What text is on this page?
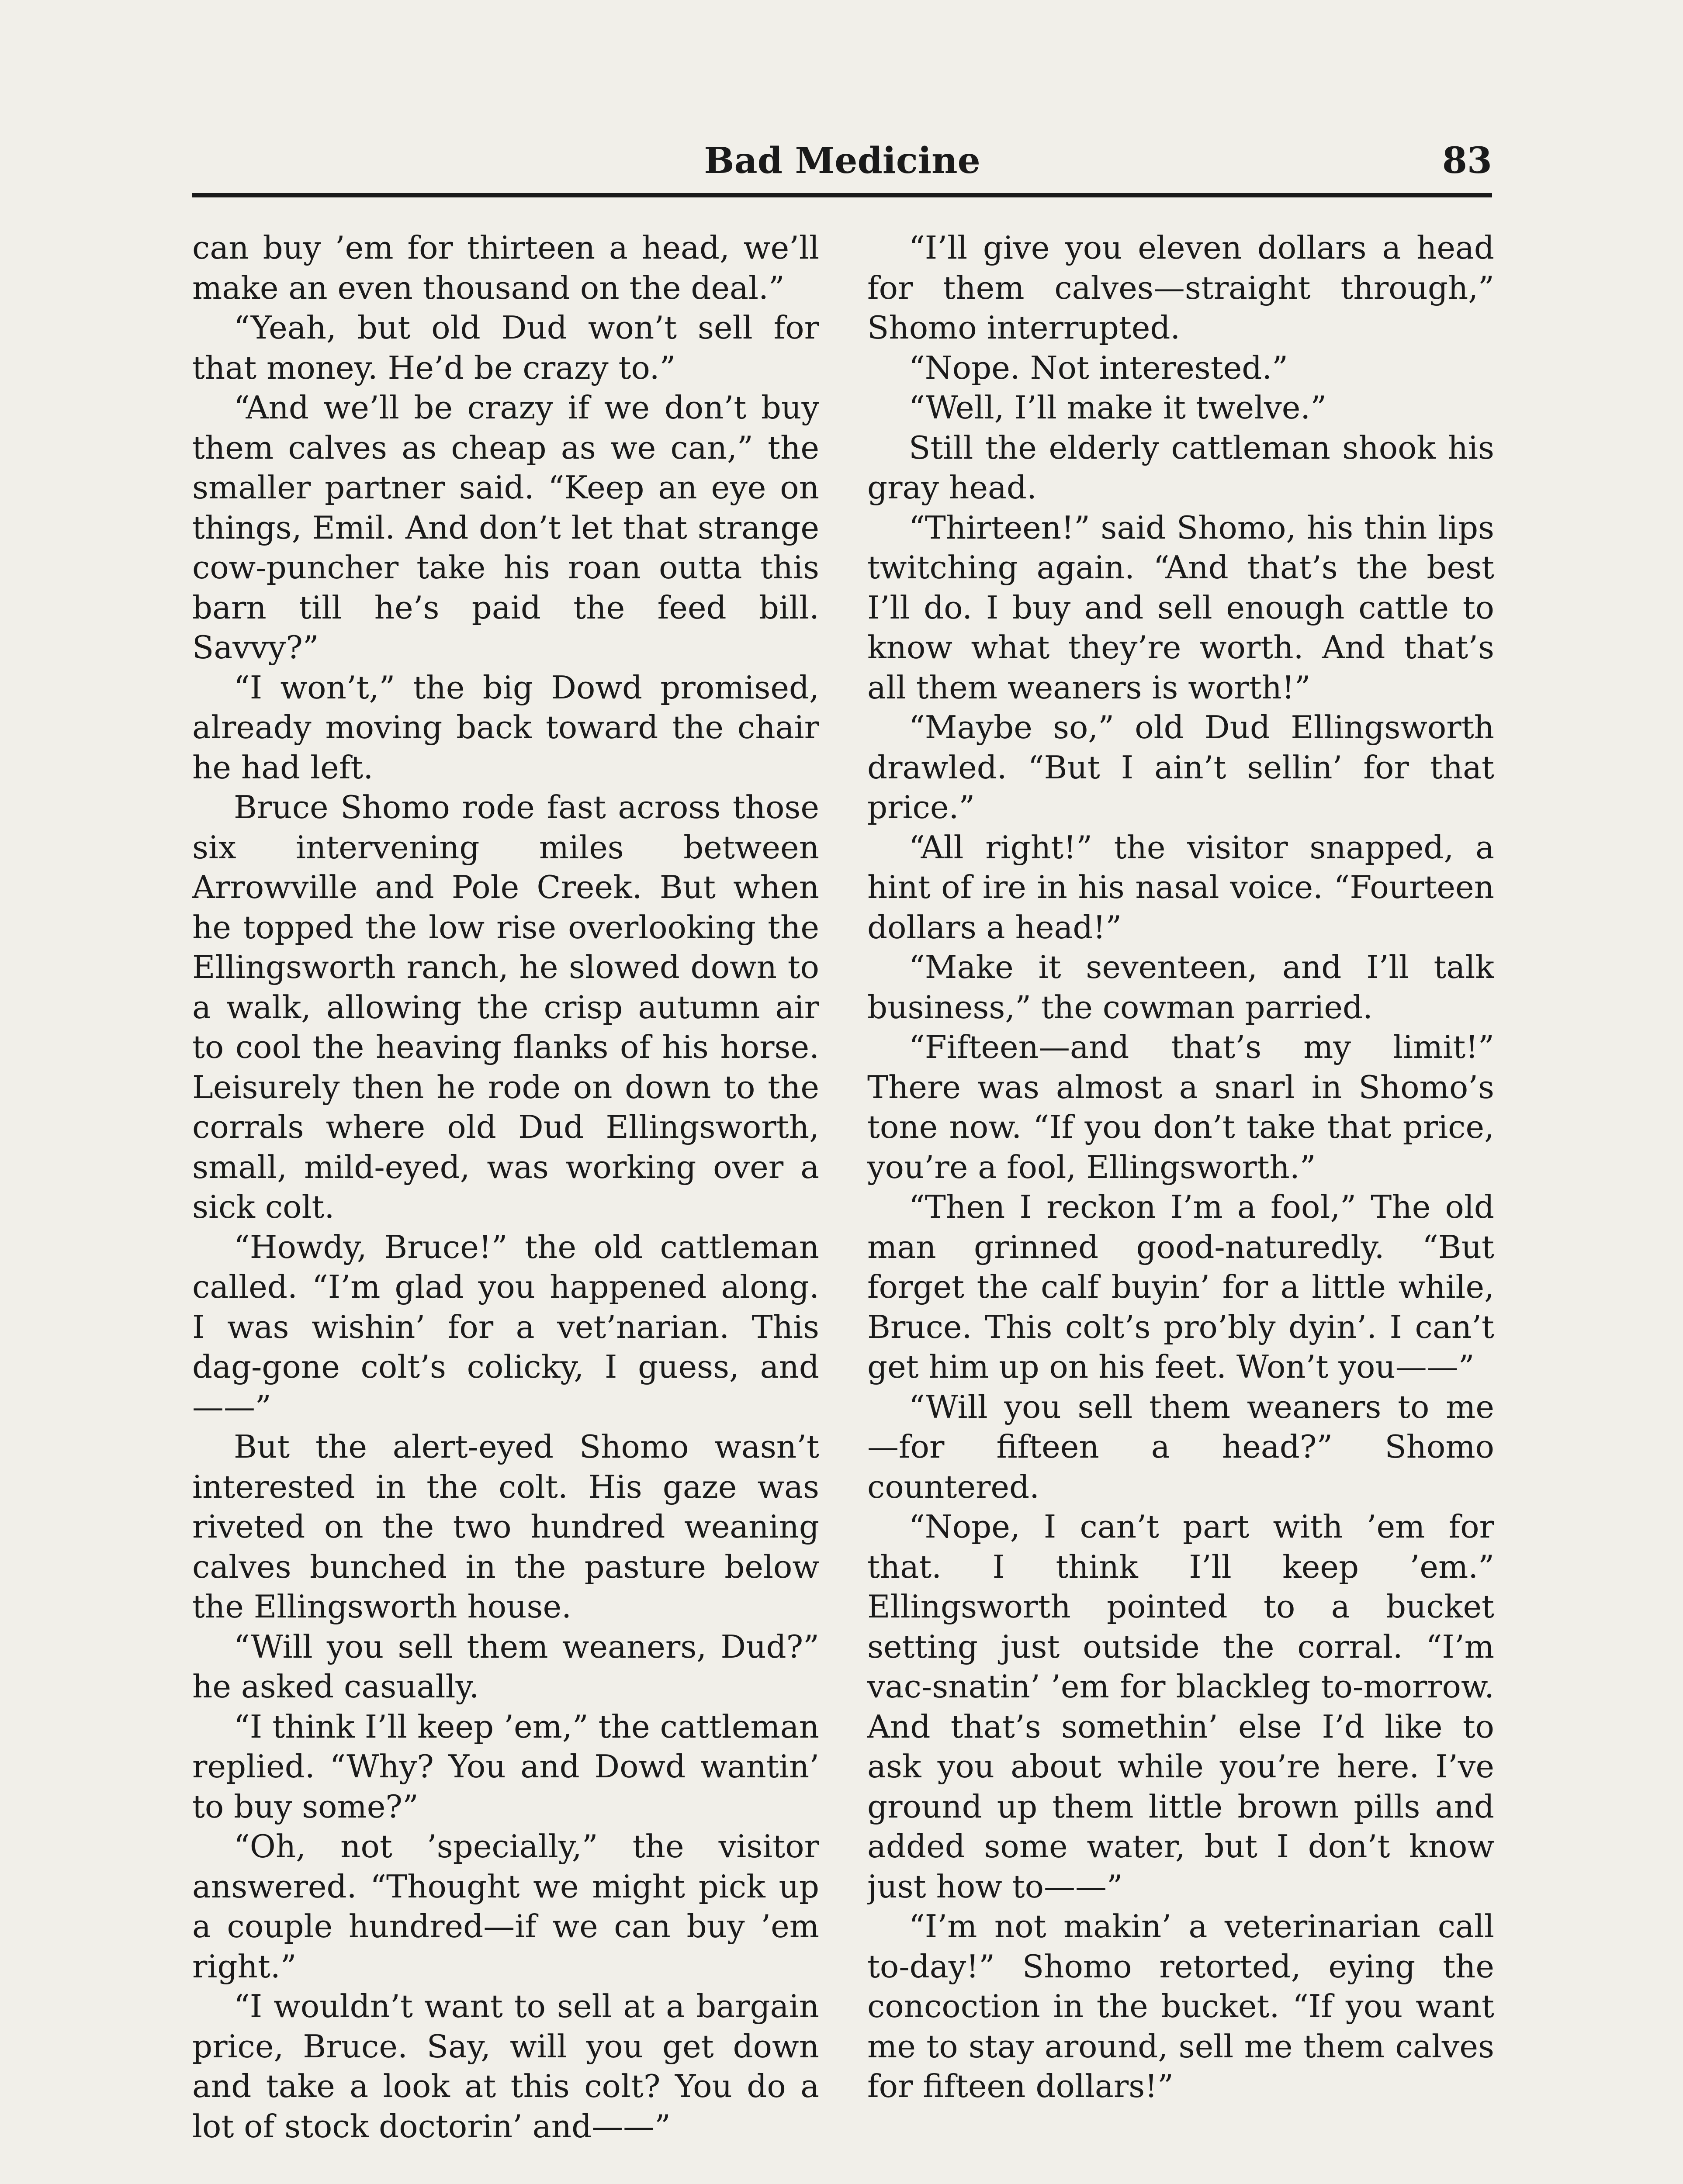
Bad Medicine	83

can buy ’em for thirteen a head, we’ll make an even thousand on the deal.”

“Yeah, but old Dud won’t sell for that money. He’d be crazy to.”

“And we’ll be crazy if we don’t buy them calves as cheap as we can,” the smaller partner said. “Keep an eye on things, Emil. And don’t let that strange cow-puncher take his roan outta this barn till he’s paid the feed bill. Savvy?”

“I won’t,” the big Dowd promised, already moving back toward the chair he had left.

Bruce Shomo rode fast across those six intervening miles between Arrowville and Pole Creek. But when he topped the low rise overlooking the Ellingsworth ranch, he slowed down to a walk, allowing the crisp autumn air to cool the heaving flanks of his horse. Leisurely then he rode on down to the corrals where old Dud Ellingsworth, small, mild-eyed, was working over a sick colt.

“Howdy, Bruce!” the old cattleman called. “I’m glad you happened along. I was wishin’ for a vet’narian. This dag-gone colt’s colicky, I guess, and——”

But the alert-eyed Shomo wasn’t interested in the colt. His gaze was riveted on the two hundred weaning calves bunched in the pasture below the Ellingsworth house.

“Will you sell them weaners, Dud?” he asked casually.

“I think I’ll keep ’em,” the cattleman replied. “Why? You and Dowd wantin’ to buy some?”

“Oh, not ’specially,” the visitor answered. “Thought we might pick up a couple hundred—if we can buy ’em right.”

“I wouldn’t want to sell at a bargain price, Bruce. Say, will you get down and take a look at this colt? You do a lot of stock doctorin’ and——”

“I’ll give you eleven dollars a head for them calves—straight through,” Shomo interrupted.

“Nope. Not interested.”

“Well, I’ll make it twelve.”

Still the elderly cattleman shook his gray head.

“Thirteen!” said Shomo, his thin lips twitching again. “And that’s the best I’ll do. I buy and sell enough cattle to know what they’re worth. And that’s all them weaners is worth!”

“Maybe so,” old Dud Ellingsworth drawled. “But I ain’t sellin’ for that price.”

“All right!” the visitor snapped, a hint of ire in his nasal voice. “Fourteen dollars a head!”

“Make it seventeen, and I’ll talk business,” the cowman parried.

“Fifteen—and that’s my limit!” There was almost a snarl in Shomo’s tone now. “If you don’t take that price, you’re a fool, Ellingsworth.”

“Then I reckon I’m a fool,” The old man grinned good-naturedly. “But forget the calf buyin’ for a little while, Bruce. This colt’s pro’bly dyin’. I can’t get him up on his feet. Won’t you——”

“Will you sell them weaners to me —for fifteen a head?” Shomo countered.

“Nope, I can’t part with ’em for that. I think I’ll keep ’em.” Ellingsworth pointed to a bucket setting just outside the corral. “I’m vac-snatin’ ’em for blackleg to-morrow. And that’s somethin’ else I’d like to ask you about while you’re here. I’ve ground up them little brown pills and added some water, but I don’t know just how to——”

“I’m not makin’ a veterinarian call to-day!” Shomo retorted, eying the concoction in the bucket. “If you want me to stay around, sell me them calves for fifteen dollars!”
